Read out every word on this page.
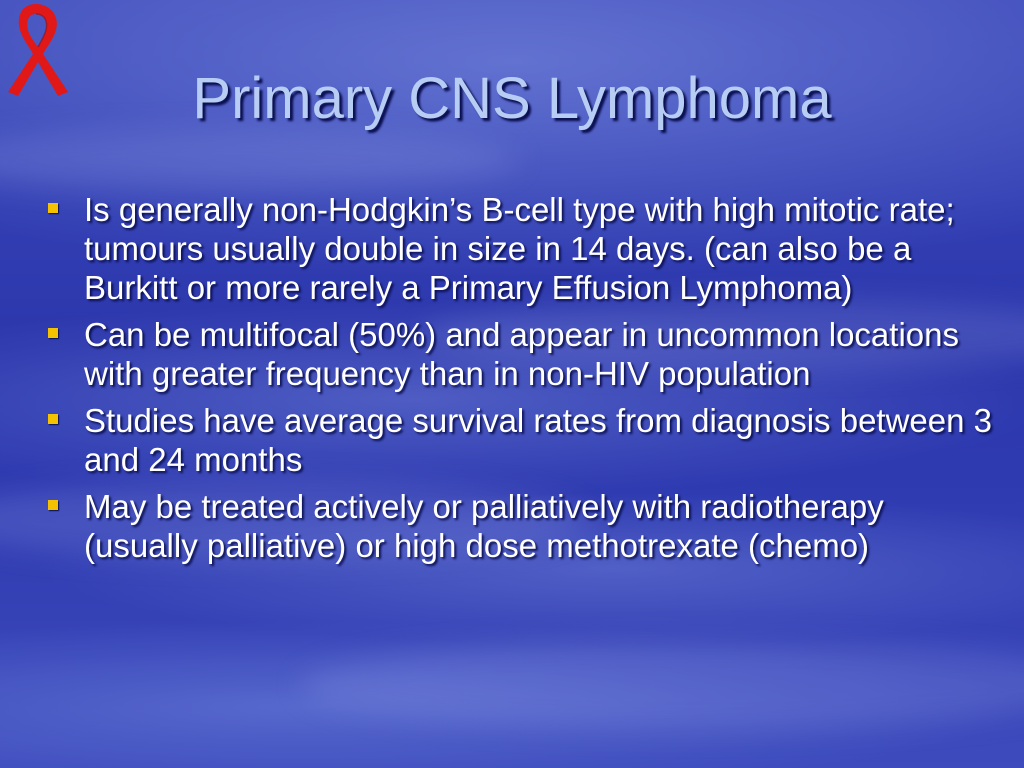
Primary CNS Lymphoma
Is generally non-Hodgkin’s B-cell type with high mitotic rate; tumours usually double in size in 14 days. (can also be a Burkitt or more rarely a Primary Effusion Lymphoma)
Can be multifocal (50%) and appear in uncommon locations with greater frequency than in non-HIV population
Studies have average survival rates from diagnosis between 3 and 24 months
May be treated actively or palliatively with radiotherapy (usually palliative) or high dose methotrexate (chemo)
